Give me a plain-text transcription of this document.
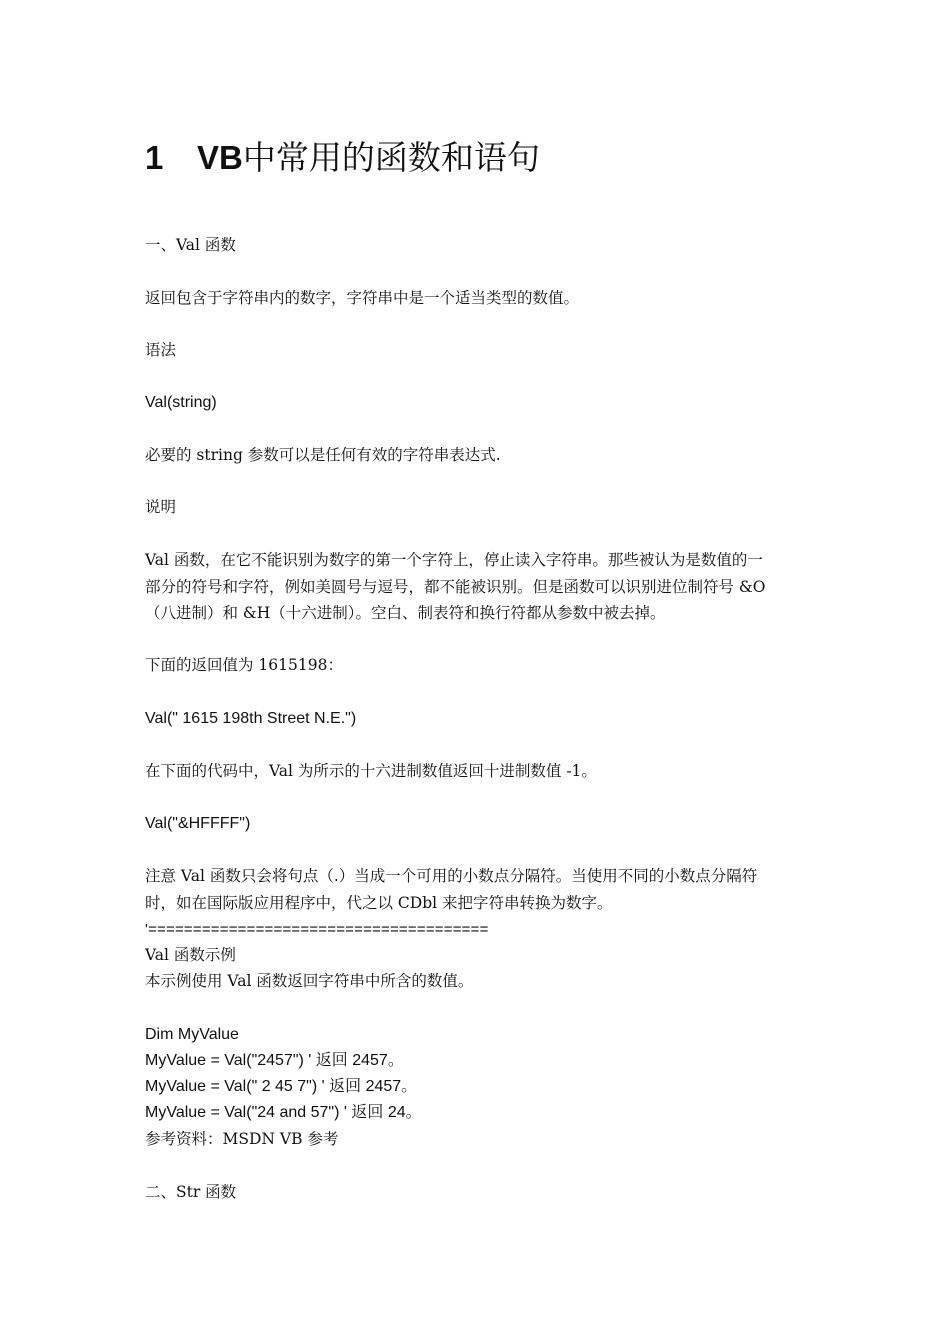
1 VB中常用的函数和语句

一、Val 函数

返回包含于字符串内的数字，字符串中是一个适当类型的数值。

语法

Val(string)

必要的 string 参数可以是任何有效的字符串表达式.

说明

Val 函数，在它不能识别为数字的第一个字符上，停止读入字符串。那些被认为是数值的一
部分的符号和字符，例如美圆号与逗号，都不能被识别。但是函数可以识别进位制符号 &O
（八进制）和 &H（十六进制）。空白、制表符和换行符都从参数中被去掉。

下面的返回值为 1615198：

Val(" 1615 198th Street N.E.")

在下面的代码中，Val 为所示的十六进制数值返回十进制数值 -1。

Val("&HFFFF")

注意 Val 函数只会将句点（.）当成一个可用的小数点分隔符。当使用不同的小数点分隔符
时，如在国际版应用程序中，代之以 CDbl 来把字符串转换为数字。

'======================================

Val 函数示例

本示例使用 Val 函数返回字符串中所含的数值。

Dim MyValue

MyValue = Val("2457") ' 返回 2457。

MyValue = Val(" 2 45 7") ' 返回 2457。

MyValue = Val("24 and 57") ' 返回 24。

参考资料：MSDN VB 参考

二、Str 函数
